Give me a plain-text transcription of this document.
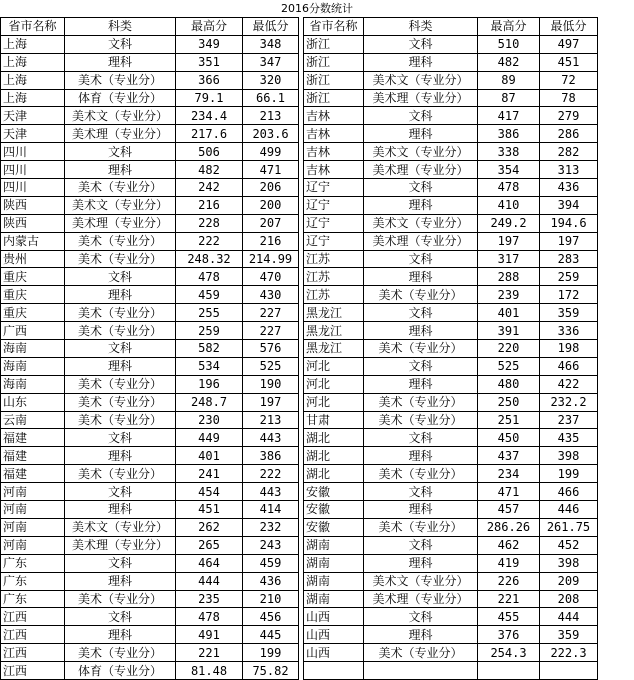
2016分数统计
省市名称	科类	最高分	最低分		省市名称	科类	最高分	最低分
上海	文科	349	348		浙江	文科	510	497
上海	理科	351	347		浙江	理科	482	451
上海	美术（专业分）	366	320		浙江	美术文（专业分）	89	72
上海	体育（专业分）	79.1	66.1		浙江	美术理（专业分）	87	78
天津	美术文（专业分）	234.4	213		吉林	文科	417	279
天津	美术理（专业分）	217.6	203.6		吉林	理科	386	286
四川	文科	506	499		吉林	美术文（专业分）	338	282
四川	理科	482	471		吉林	美术理（专业分）	354	313
四川	美术（专业分）	242	206		辽宁	文科	478	436
陕西	美术文（专业分）	216	200		辽宁	理科	410	394
陕西	美术理（专业分）	228	207		辽宁	美术文（专业分）	249.2	194.6
内蒙古	美术（专业分）	222	216		辽宁	美术理（专业分）	197	197
贵州	美术（专业分）	248.32	214.99		江苏	文科	317	283
重庆	文科	478	470		江苏	理科	288	259
重庆	理科	459	430		江苏	美术（专业分）	239	172
重庆	美术（专业分）	255	227		黑龙江	文科	401	359
广西	美术（专业分）	259	227		黑龙江	理科	391	336
海南	文科	582	576		黑龙江	美术（专业分）	220	198
海南	理科	534	525		河北	文科	525	466
海南	美术（专业分）	196	190		河北	理科	480	422
山东	美术（专业分）	248.7	197		河北	美术（专业分）	250	232.2
云南	美术（专业分）	230	213		甘肃	美术（专业分）	251	237
福建	文科	449	443		湖北	文科	450	435
福建	理科	401	386		湖北	理科	437	398
福建	美术（专业分）	241	222		湖北	美术（专业分）	234	199
河南	文科	454	443		安徽	文科	471	466
河南	理科	451	414		安徽	理科	457	446
河南	美术文（专业分）	262	232		安徽	美术（专业分）	286.26	261.75
河南	美术理（专业分）	265	243		湖南	文科	462	452
广东	文科	464	459		湖南	理科	419	398
广东	理科	444	436		湖南	美术文（专业分）	226	209
广东	美术（专业分）	235	210		湖南	美术理（专业分）	221	208
江西	文科	478	456		山西	文科	455	444
江西	理科	491	445		山西	理科	376	359
江西	美术（专业分）	221	199		山西	美术（专业分）	254.3	222.3
江西	体育（专业分）	81.48	75.82					
